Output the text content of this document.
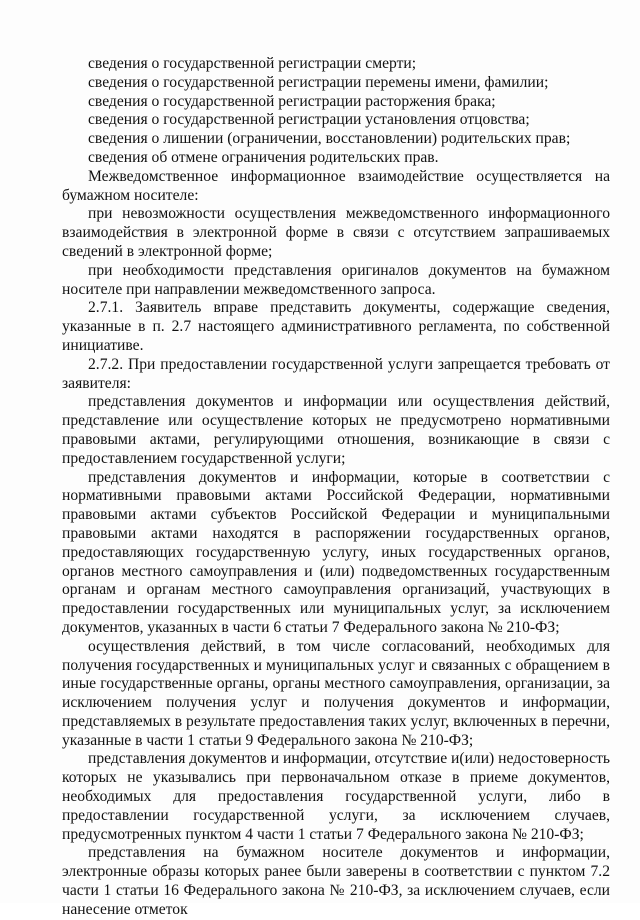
сведения о государственной регистрации смерти;

сведения о государственной регистрации перемены имени, фамилии;

сведения о государственной регистрации расторжения брака;

сведения о государственной регистрации установления отцовства;

сведения о лишении (ограничении, восстановлении) родительских прав;

сведения об отмене ограничения родительских прав.

Межведомственное информационное взаимодействие осуществляется на бумажном носителе:

при невозможности осуществления межведомственного информационного взаимодействия в электронной форме в связи с отсутствием запрашиваемых сведений в электронной форме;

при необходимости представления оригиналов документов на бумажном носителе при направлении межведомственного запроса.

2.7.1. Заявитель вправе представить документы, содержащие сведения, указанные в п. 2.7 настоящего административного регламента, по собственной инициативе.

2.7.2. При предоставлении государственной услуги запрещается требовать от заявителя:

представления документов и информации или осуществления действий, представление или осуществление которых не предусмотрено нормативными правовыми актами, регулирующими отношения, возникающие в связи с предоставлением государственной услуги;

представления документов и информации, которые в соответствии с нормативными правовыми актами Российской Федерации, нормативными правовыми актами субъектов Российской Федерации и муниципальными правовыми актами находятся в распоряжении государственных органов, предоставляющих государственную услугу, иных государственных органов, органов местного самоуправления и (или) подведомственных государственным органам и органам местного самоуправления организаций, участвующих в предоставлении государственных или муниципальных услуг, за исключением документов, указанных в части 6 статьи 7 Федерального закона № 210-ФЗ;

осуществления действий, в том числе согласований, необходимых для получения государственных и муниципальных услуг и связанных с обращением в иные государственные органы, органы местного самоуправления, организации, за исключением получения услуг и получения документов и информации, представляемых в результате предоставления таких услуг, включенных в перечни, указанные в части 1 статьи 9 Федерального закона № 210-ФЗ;

представления документов и информации, отсутствие и(или) недостоверность которых не указывались при первоначальном отказе в приеме документов, необходимых для предоставления государственной услуги, либо в предоставлении государственной услуги, за исключением случаев, предусмотренных пунктом 4 части 1 статьи 7 Федерального закона № 210-ФЗ;

представления на бумажном носителе документов и информации, электронные образы которых ранее были заверены в соответствии с пунктом 7.2 части 1 статьи 16 Федерального закона № 210-ФЗ, за исключением случаев, если нанесение отметок
